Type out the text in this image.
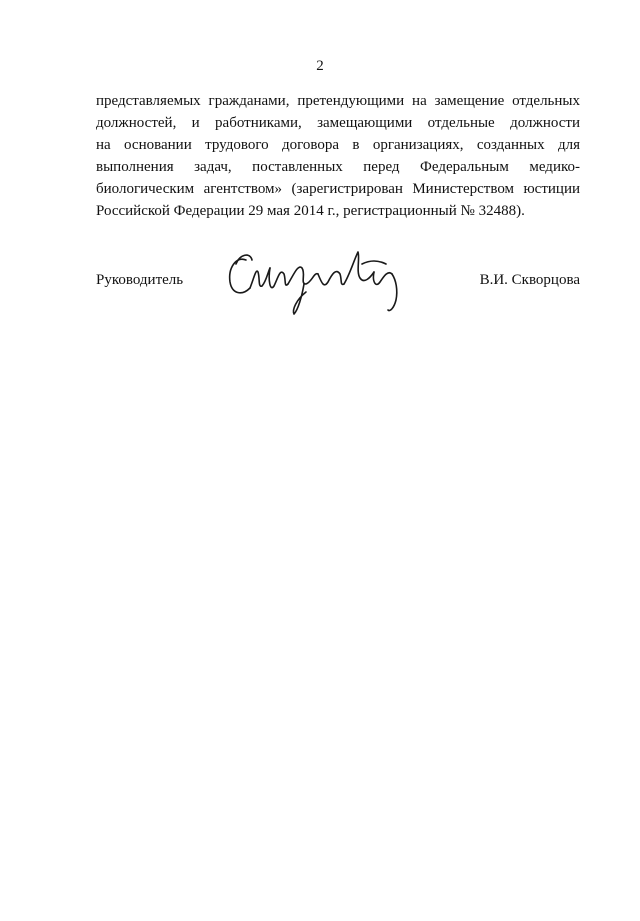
2
представляемых гражданами, претендующими на замещение отдельных
должностей, и работниками, замещающими отдельные должности
на основании трудового договора в организациях, созданных для
выполнения задач, поставленных перед Федеральным медико-
биологическим агентством» (зарегистрирован Министерством юстиции
Российской Федерации 29 мая 2014 г., регистрационный № 32488).
Руководитель	В.И. Скворцова
